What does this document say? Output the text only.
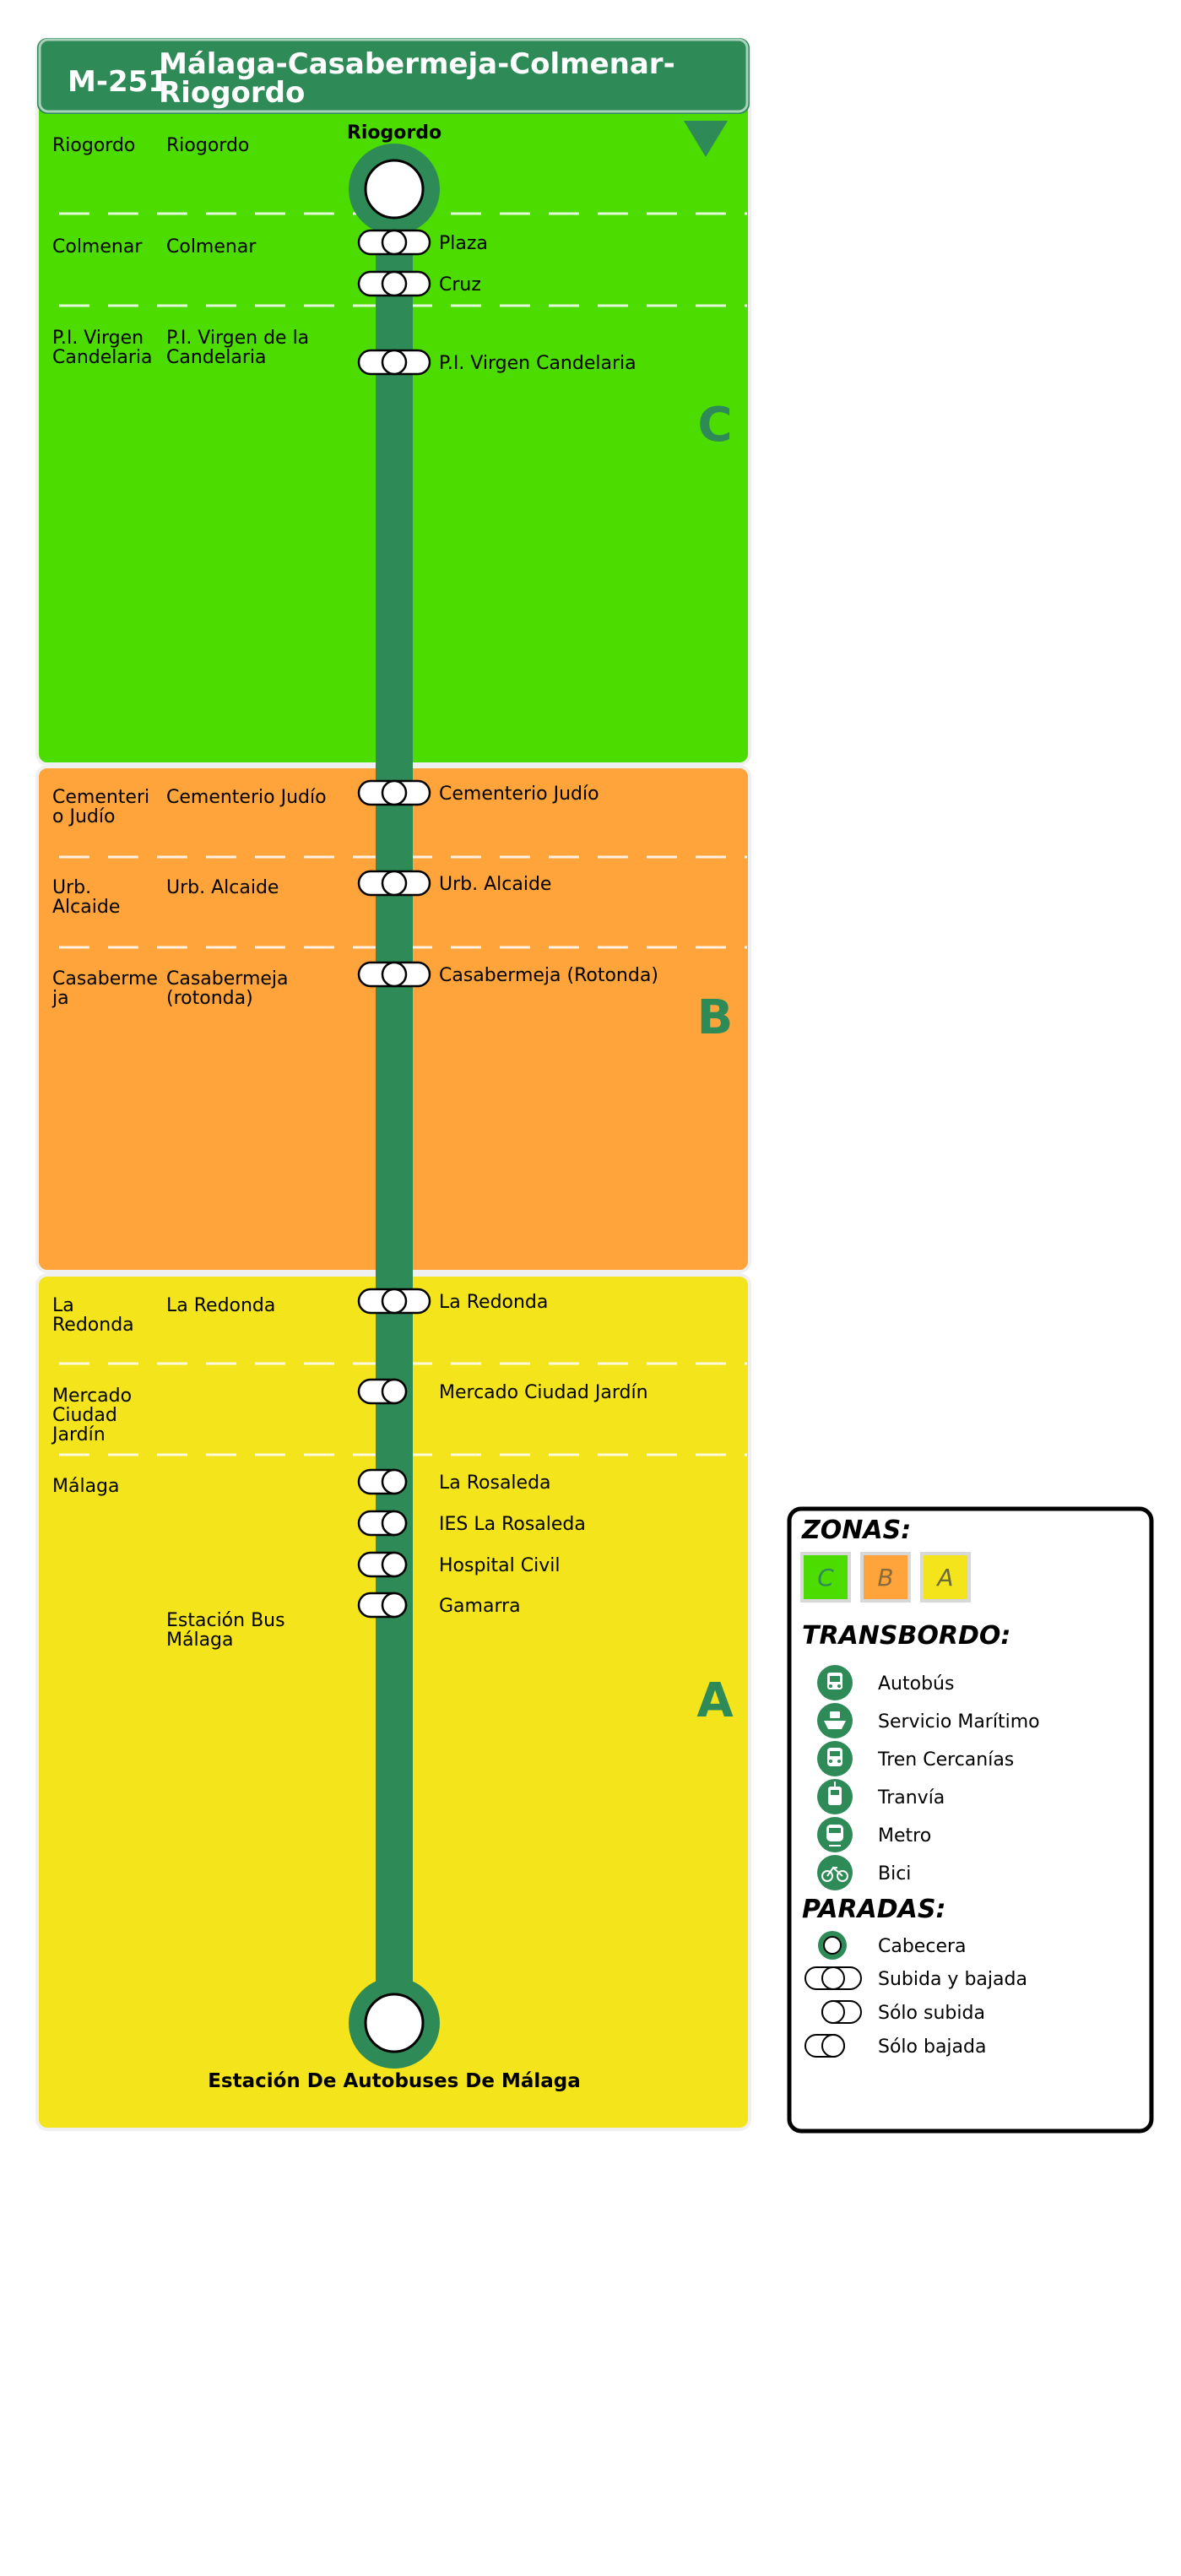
M-251
Málaga-Casabermeja-Colmenar-
Riogordo
Riogordo
Colmenar
P.I. Virgen Candelaria
Cementeri o Judío
Urb. Alcaide
Casaberme ja
La Redonda
Mercado Ciudad Jardín
Málaga
Riogordo
Colmenar
P.I. Virgen de la Candelaria
Cementerio Judío
Urb. Alcaide
Casabermeja (rotonda)
La Redonda
Estación Bus Málaga
C
B
A
Riogordo
Estación De Autobuses De Málaga
Plaza
Cruz
P.I. Virgen Candelaria
Cementerio Judío
Urb. Alcaide
Casabermeja (Rotonda)
La Redonda
Mercado Ciudad Jardín
La Rosaleda
IES La Rosaleda
Hospital Civil
Gamarra
ZONAS:
C B A
TRANSBORDO:
Autobús
Servicio Marítimo
Tren Cercanías
Tranvía
Metro
Bici
PARADAS:
Cabecera
Subida y bajada
Sólo subida
Sólo bajada
